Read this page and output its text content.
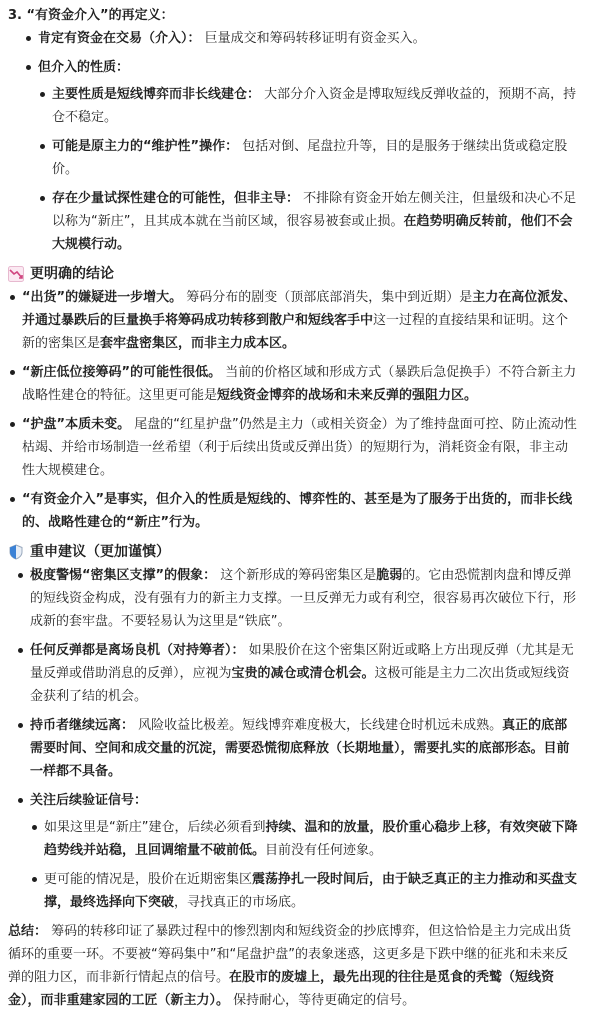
3. “有资金介入”的再定义：
肯定有资金在交易（介入）： 巨量成交和筹码转移证明有资金买入。
但介入的性质：
主要性质是短线博弈而非长线建仓： 大部分介入资金是博取短线反弹收益的，预期不高，持仓不稳定。
可能是原主力的“维护性”操作： 包括对倒、尾盘拉升等，目的是服务于继续出货或稳定股价。
存在少量试探性建仓的可能性，但非主导： 不排除有资金开始左侧关注，但量级和决心不足以称为“新庄”，且其成本就在当前区域，很容易被套或止损。在趋势明确反转前，他们不会大规模行动。
更明确的结论
“出货”的嫌疑进一步增大。 筹码分布的剧变（顶部底部消失，集中到近期）是主力在高位派发、并通过暴跌后的巨量换手将筹码成功转移到散户和短线客手中这一过程的直接结果和证明。这个新的密集区是套牢盘密集区，而非主力成本区。
“新庄低位接筹码”的可能性很低。 当前的价格区域和形成方式（暴跌后急促换手）不符合新主力战略性建仓的特征。这里更可能是短线资金博弈的战场和未来反弹的强阻力区。
“护盘”本质未变。 尾盘的“红星护盘”仍然是主力（或相关资金）为了维持盘面可控、防止流动性枯竭、并给市场制造一丝希望（利于后续出货或反弹出货）的短期行为，消耗资金有限，非主动性大规模建仓。
“有资金介入”是事实，但介入的性质是短线的、博弈性的、甚至是为了服务于出货的，而非长线的、战略性建仓的“新庄”行为。
重申建议（更加谨慎）
极度警惕“密集区支撑”的假象： 这个新形成的筹码密集区是脆弱的。它由恐慌割肉盘和博反弹的短线资金构成，没有强有力的新主力支撑。一旦反弹无力或有利空，很容易再次破位下行，形成新的套牢盘。不要轻易认为这里是“铁底”。
任何反弹都是离场良机（对持筹者）： 如果股价在这个密集区附近或略上方出现反弹（尤其是无量反弹或借助消息的反弹），应视为宝贵的减仓或清仓机会。这极可能是主力二次出货或短线资金获利了结的机会。
持币者继续远离： 风险收益比极差。短线博弈难度极大，长线建仓时机远未成熟。真正的底部需要时间、空间和成交量的沉淀，需要恐慌彻底释放（长期地量），需要扎实的底部形态。目前一样都不具备。
关注后续验证信号：
如果这里是“新庄”建仓，后续必须看到持续、温和的放量，股价重心稳步上移，有效突破下降趋势线并站稳，且回调缩量不破前低。目前没有任何迹象。
更可能的情况是，股价在近期密集区震荡挣扎一段时间后，由于缺乏真正的主力推动和买盘支撑，最终选择向下突破，寻找真正的市场底。
总结： 筹码的转移印证了暴跌过程中的惨烈割肉和短线资金的抄底博弈，但这恰恰是主力完成出货循环的重要一环。不要被“筹码集中”和“尾盘护盘”的表象迷惑，这更多是下跌中继的征兆和未来反弹的阻力区，而非新行情起点的信号。在股市的废墟上，最先出现的往往是觅食的秃鹫（短线资金），而非重建家园的工匠（新主力）。 保持耐心，等待更确定的信号。
